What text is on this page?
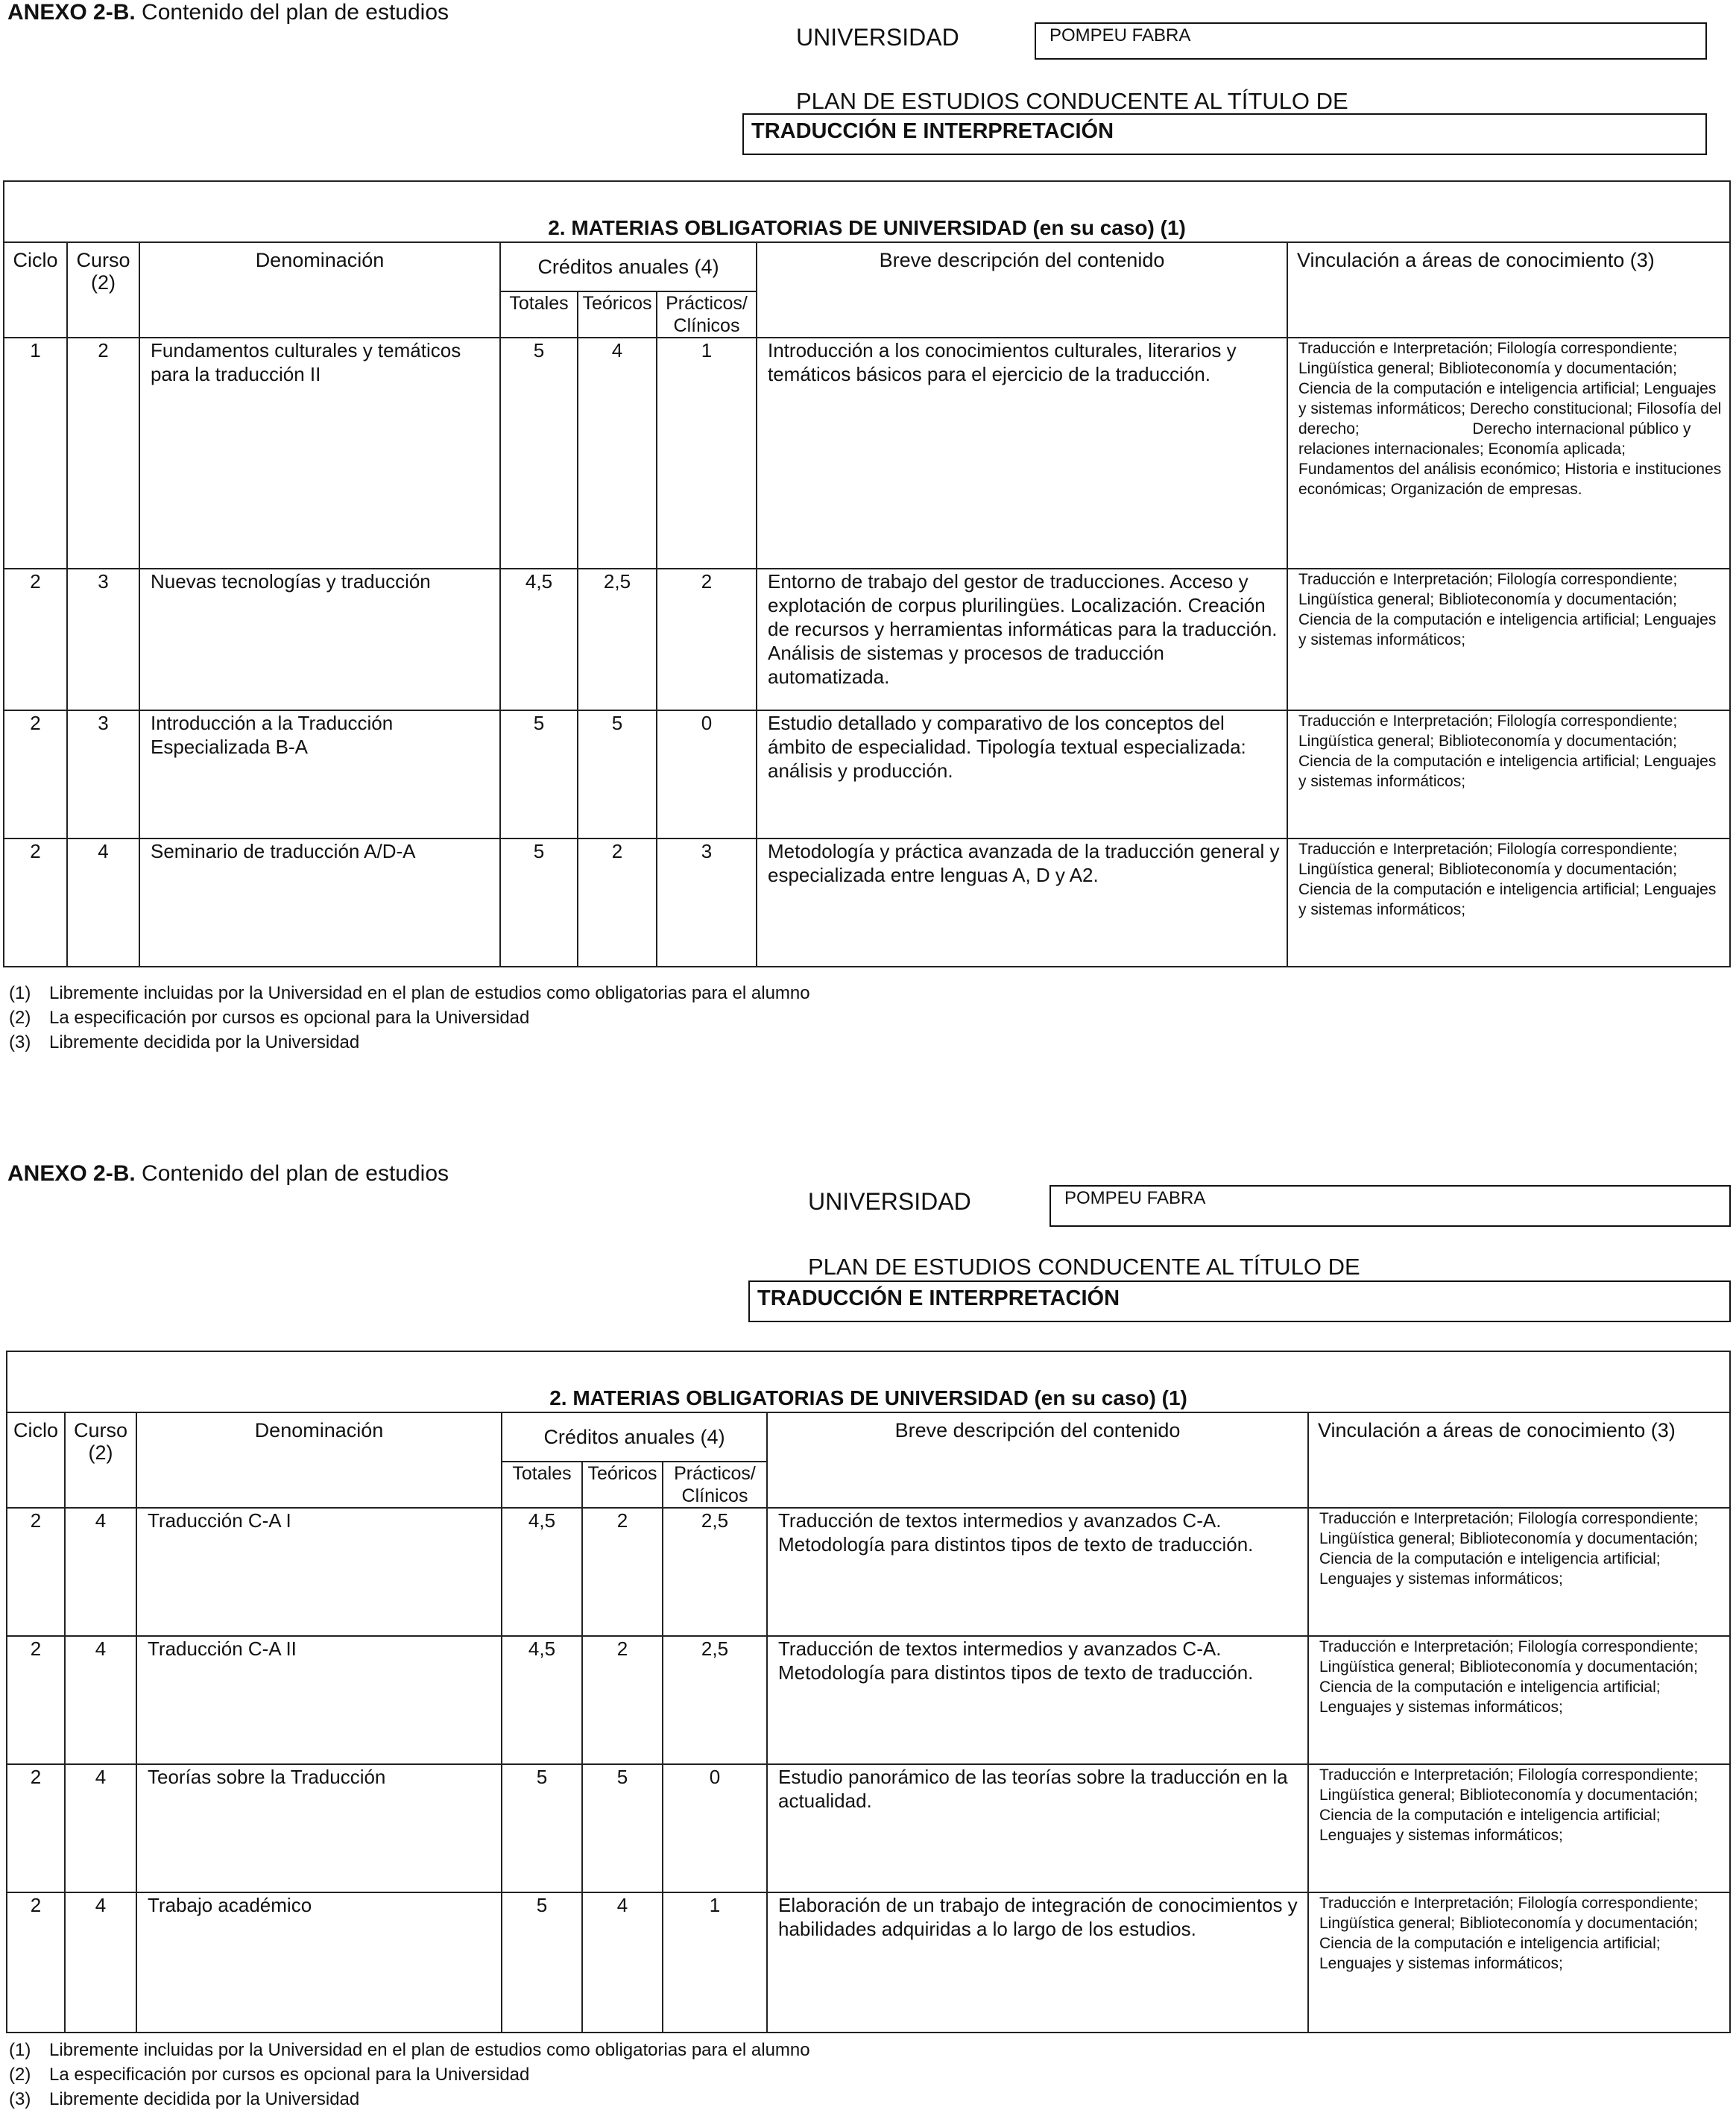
ANEXO 2-B. Contenido del plan de estudios
UNIVERSIDAD	POMPEU FABRA
PLAN DE ESTUDIOS CONDUCENTE AL TÍTULO DE
TRADUCCIÓN E INTERPRETACIÓN
2. MATERIAS OBLIGATORIAS DE UNIVERSIDAD (en su caso) (1)							
Ciclo	Curso (2)	Denominación	Créditos anuales (4)			Breve descripción del contenido	Vinculación a áreas de conocimiento (3)
			Totales	Teóricos	Prácticos/ Clínicos		
1	2	Fundamentos culturales y temáticos para la traducción II	5	4	1	Introducción a los conocimientos culturales, literarios y temáticos básicos para el ejercicio de la traducción.	Traducción e Interpretación; Filología correspondiente; Lingüística general; Biblioteconomía y documentación; Ciencia de la computación e inteligencia artificial; Lenguajes y sistemas informáticos; Derecho constitucional; Filosofía del derecho;                          Derecho internacional público y relaciones internacionales; Economía aplicada; Fundamentos del análisis económico; Historia e instituciones económicas; Organización de empresas.
2	3	Nuevas tecnologías y traducción	4,5	2,5	2	Entorno de trabajo del gestor de traducciones. Acceso y explotación de corpus plurilingües. Localización. Creación de recursos y herramientas informáticas para la traducción. Análisis de sistemas y procesos de traducción automatizada.	Traducción e Interpretación; Filología correspondiente; Lingüística general; Biblioteconomía y documentación; Ciencia de la computación e inteligencia artificial; Lenguajes y sistemas informáticos;
2	3	Introducción a la Traducción Especializada B-A	5	5	0	Estudio detallado y comparativo de los conceptos del ámbito de especialidad. Tipología textual especializada: análisis y producción.	Traducción e Interpretación; Filología correspondiente; Lingüística general; Biblioteconomía y documentación; Ciencia de la computación e inteligencia artificial; Lenguajes y sistemas informáticos;
2	4	Seminario de traducción A/D-A	5	2	3	Metodología y práctica avanzada de la traducción general y especializada entre lenguas A, D y A2.	Traducción e Interpretación; Filología correspondiente; Lingüística general; Biblioteconomía y documentación; Ciencia de la computación e inteligencia artificial; Lenguajes y sistemas informáticos;
(1) Libremente incluidas por la Universidad en el plan de estudios como obligatorias para el alumno
(2) La especificación por cursos es opcional para la Universidad
(3) Libremente decidida por la Universidad
ANEXO 2-B. Contenido del plan de estudios
UNIVERSIDAD	POMPEU FABRA
PLAN DE ESTUDIOS CONDUCENTE AL TÍTULO DE
TRADUCCIÓN E INTERPRETACIÓN
2. MATERIAS OBLIGATORIAS DE UNIVERSIDAD (en su caso) (1)							
Ciclo	Curso (2)	Denominación	Créditos anuales (4)			Breve descripción del contenido	Vinculación a áreas de conocimiento (3)
			Totales	Teóricos	Prácticos/ Clínicos		
2	4	Traducción C-A I	4,5	2	2,5	Traducción de textos intermedios y avanzados C-A. Metodología para distintos tipos de texto de traducción.	Traducción e Interpretación; Filología correspondiente; Lingüística general; Biblioteconomía y documentación; Ciencia de la computación e inteligencia artificial; Lenguajes y sistemas informáticos;
2	4	Traducción C-A II	4,5	2	2,5	Traducción de textos intermedios y avanzados C-A. Metodología para distintos tipos de texto de traducción.	Traducción e Interpretación; Filología correspondiente; Lingüística general; Biblioteconomía y documentación; Ciencia de la computación e inteligencia artificial; Lenguajes y sistemas informáticos;
2	4	Teorías sobre la Traducción	5	5	0	Estudio panorámico de las teorías sobre la traducción en la actualidad.	Traducción e Interpretación; Filología correspondiente; Lingüística general; Biblioteconomía y documentación; Ciencia de la computación e inteligencia artificial; Lenguajes y sistemas informáticos;
2	4	Trabajo académico	5	4	1	Elaboración de un trabajo de integración de conocimientos y habilidades adquiridas a lo largo de los estudios.	Traducción e Interpretación; Filología correspondiente; Lingüística general; Biblioteconomía y documentación; Ciencia de la computación e inteligencia artificial; Lenguajes y sistemas informáticos;
(1) Libremente incluidas por la Universidad en el plan de estudios como obligatorias para el alumno
(2) La especificación por cursos es opcional para la Universidad
(3) Libremente decidida por la Universidad
